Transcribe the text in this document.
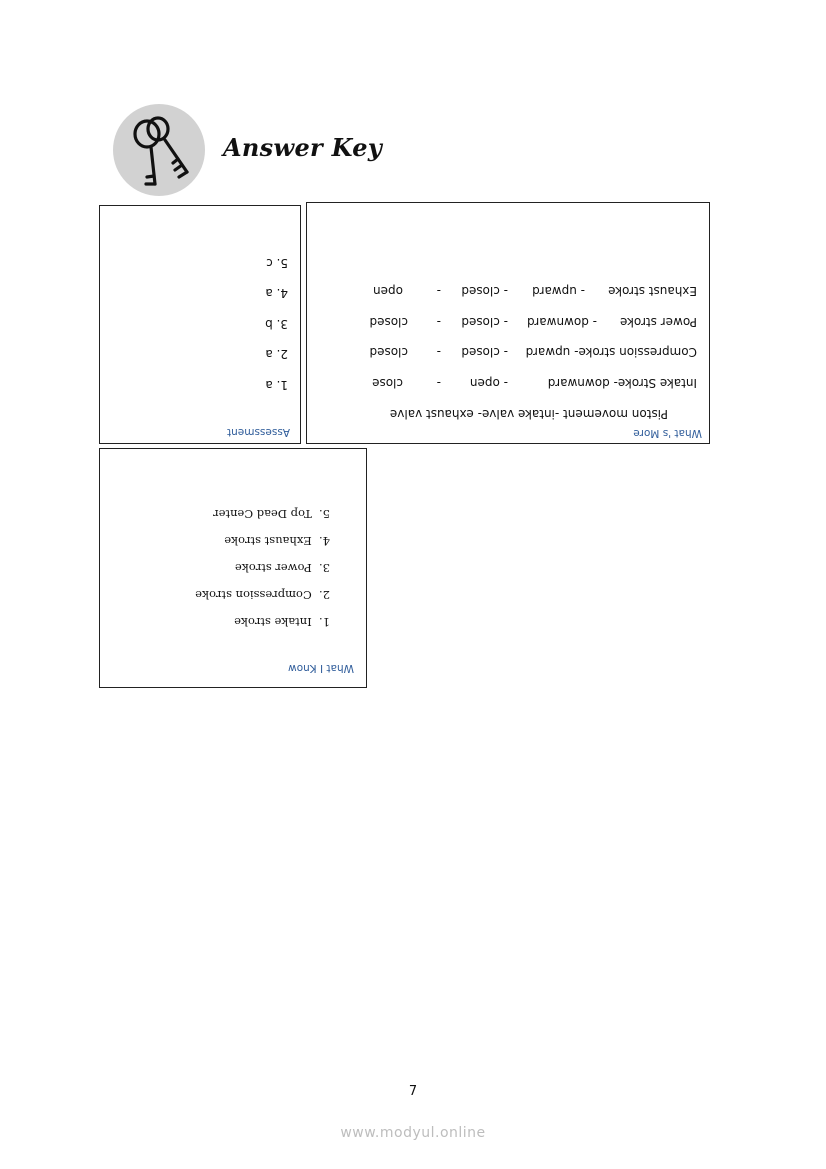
Answer Key
What 's More
Piston movement -intake valve- exhaust valve
Intake Stroke- downward
- open
-
close
Compression stroke- upward
- closed
-
closed
Power stroke
- downward
- closed
-
closed
Exhaust stroke
- upward
- closed
-
open
Assessment
1. a
2. a
3. b
4. a
5. c
What I Know
1.  Intake stroke
2.  Compression stroke
3.  Power stroke
4.  Exhaust stroke
5.  Top Dead Center
7
www.modyul.online
